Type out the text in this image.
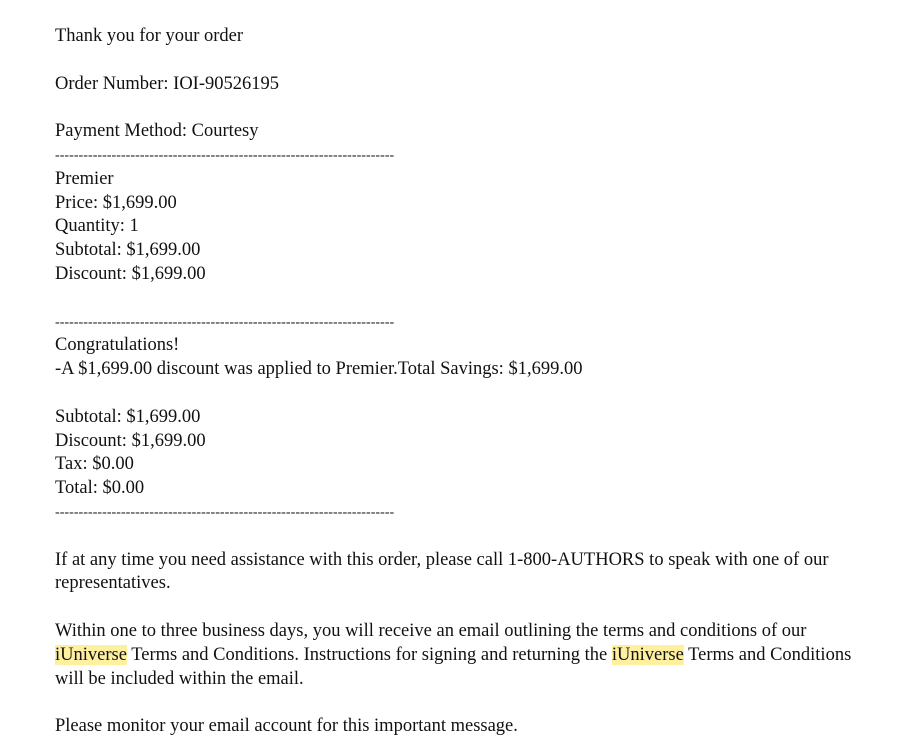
Thank you for your order
Order Number: IOI-90526195
Payment Method: Courtesy
------------------------------------------------------------------------
Premier
Price: $1,699.00
Quantity: 1
Subtotal: $1,699.00
Discount: $1,699.00
------------------------------------------------------------------------
Congratulations!
-A $1,699.00 discount was applied to Premier.Total Savings: $1,699.00
Subtotal: $1,699.00
Discount: $1,699.00
Tax: $0.00
Total: $0.00
------------------------------------------------------------------------
If at any time you need assistance with this order, please call 1-800-AUTHORS to speak with one of our representatives.
Within one to three business days, you will receive an email outlining the terms and conditions of our iUniverse Terms and Conditions. Instructions for signing and returning the iUniverse Terms and Conditions will be included within the email.
Please monitor your email account for this important message.
